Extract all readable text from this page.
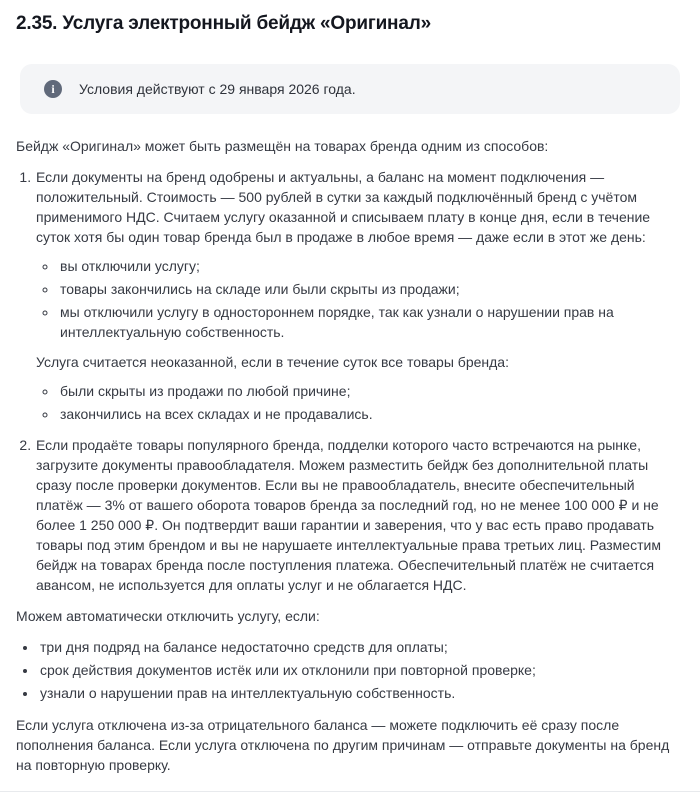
2.35. Услуга электронный бейдж «Оригинал»
i	Условия действуют с 29 января 2026 года.

Бейдж «Оригинал» может быть размещён на товарах бренда одним из способов:

1. Если документы на бренд одобрены и актуальны, а баланс на момент подключения — положительный. Стоимость — 500 рублей в сутки за каждый подключённый бренд с учётом применимого НДС. Считаем услугу оказанной и списываем плату в конце дня, если в течение суток хотя бы один товар бренда был в продаже в любое время — даже если в этот же день:

◦ вы отключили услугу;
◦ товары закончились на складе или были скрыты из продажи;
◦ мы отключили услугу в одностороннем порядке, так как узнали о нарушении прав на интеллектуальную собственность.

Услуга считается неоказанной, если в течение суток все товары бренда:

◦ были скрыты из продажи по любой причине;
◦ закончились на всех складах и не продавались.

2. Если продаёте товары популярного бренда, подделки которого часто встречаются на рынке, загрузите документы правообладателя. Можем разместить бейдж без дополнительной платы сразу после проверки документов. Если вы не правообладатель, внесите обеспечительный платёж — 3% от вашего оборота товаров бренда за последний год, но не менее 100 000 ₽ и не более 1 250 000 ₽. Он подтвердит ваши гарантии и заверения, что у вас есть право продавать товары под этим брендом и вы не нарушаете интеллектуальные права третьих лиц. Разместим бейдж на товарах бренда после поступления платежа. Обеспечительный платёж не считается авансом, не используется для оплаты услуг и не облагается НДС.

Можем автоматически отключить услугу, если:

• три дня подряд на балансе недостаточно средств для оплаты;
• срок действия документов истёк или их отклонили при повторной проверке;
• узнали о нарушении прав на интеллектуальную собственность.

Если услуга отключена из-за отрицательного баланса — можете подключить её сразу после пополнения баланса. Если услуга отключена по другим причинам — отправьте документы на бренд на повторную проверку.
